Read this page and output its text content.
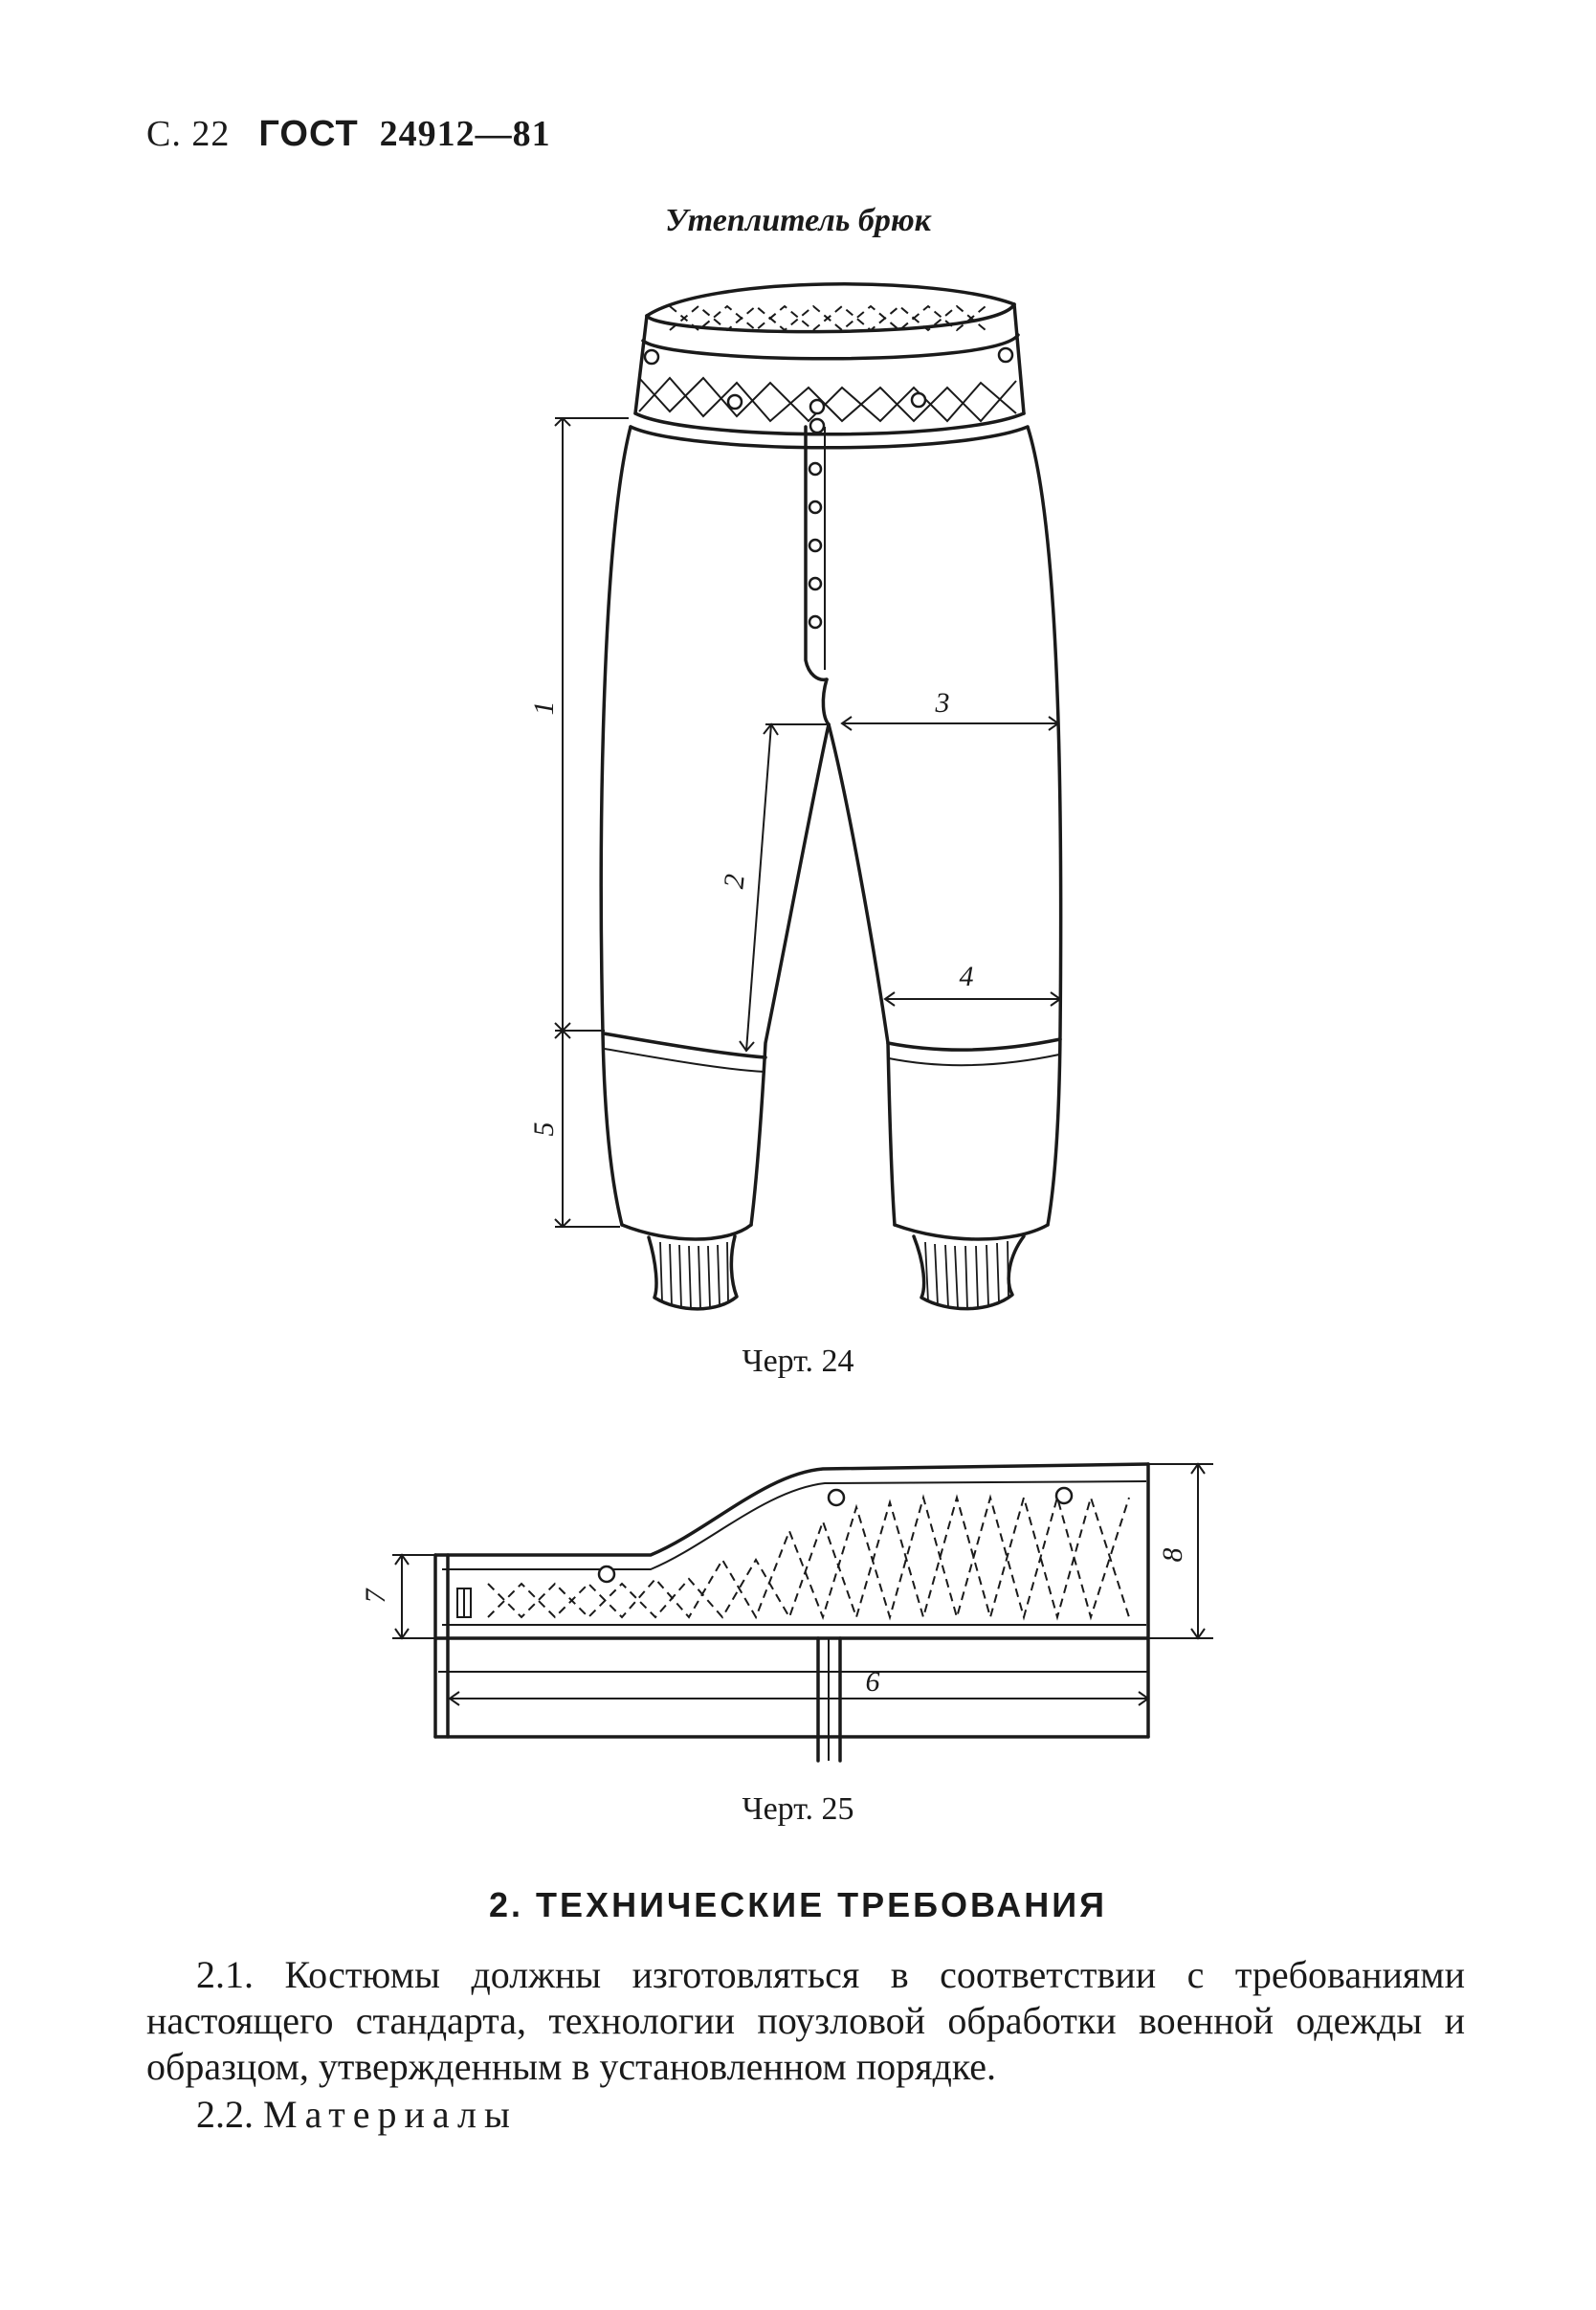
С. 22 ГОСТ 24912—81
Утеплитель брюк
1
2
3
4
5
Черт. 24
6
7
8
Черт. 25
2. ТЕХНИЧЕСКИЕ ТРЕБОВАНИЯ
2.1. Костюмы должны изготовляться в соответствии с требованиями настоящего стандарта, технологии поузловой обработки военной одежды и образцом, утвержденным в установленном порядке.
2.2. Материалы
